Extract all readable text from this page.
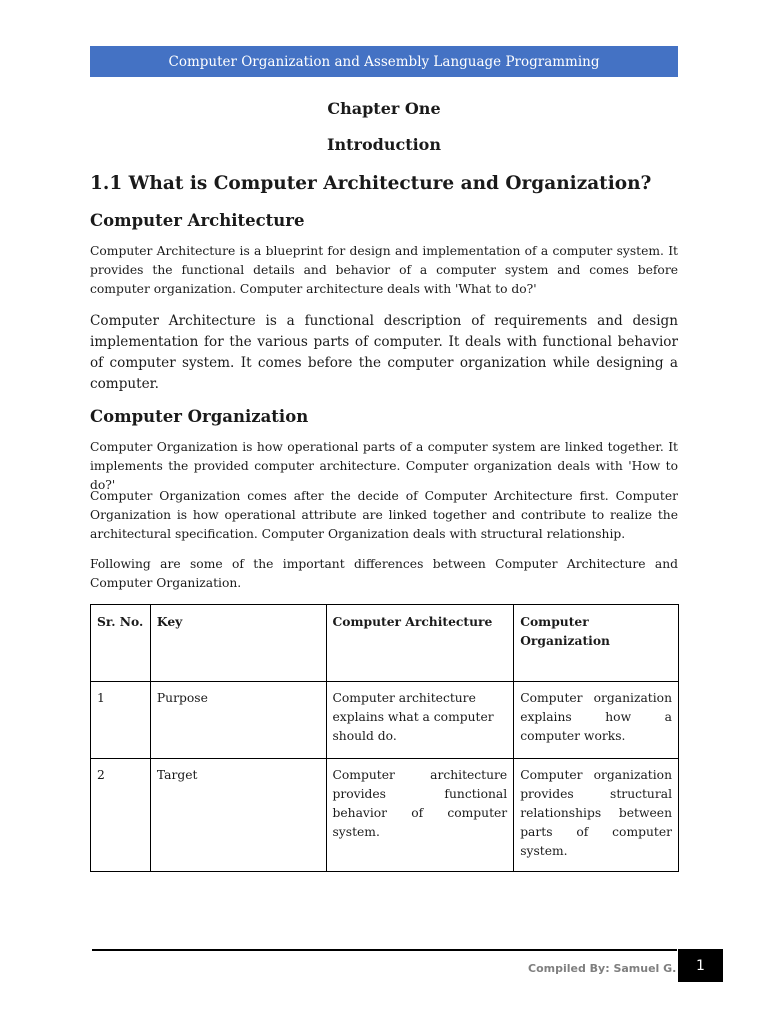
Computer Organization and Assembly Language Programming
Chapter One
Introduction
1.1 What is Computer Architecture and Organization?
Computer Architecture

Computer Architecture is a blueprint for design and implementation of a computer system. It provides the functional details and behavior of a computer system and comes before computer organization. Computer architecture deals with 'What to do?'

Computer Architecture is a functional description of requirements and design implementation for the various parts of computer. It deals with functional behavior of computer system. It comes before the computer organization while designing a computer.

Computer Organization

Computer Organization is how operational parts of a computer system are linked together. It implements the provided computer architecture. Computer organization deals with 'How to do?'

Computer Organization comes after the decide of Computer Architecture first. Computer Organization is how operational attribute are linked together and contribute to realize the architectural specification. Computer Organization deals with structural relationship.

Following are some of the important differences between Computer Architecture and Computer Organization.

Sr. No.	Key	Computer Architecture	Computer Organization
1	Purpose	Computer architecture explains what a computer should do.	Computer organization explains how a computer works.
2	Target	Computer architecture provides functional behavior of computer system.	Computer organization provides structural relationships between parts of computer system.
Compiled By: Samuel G. 1
